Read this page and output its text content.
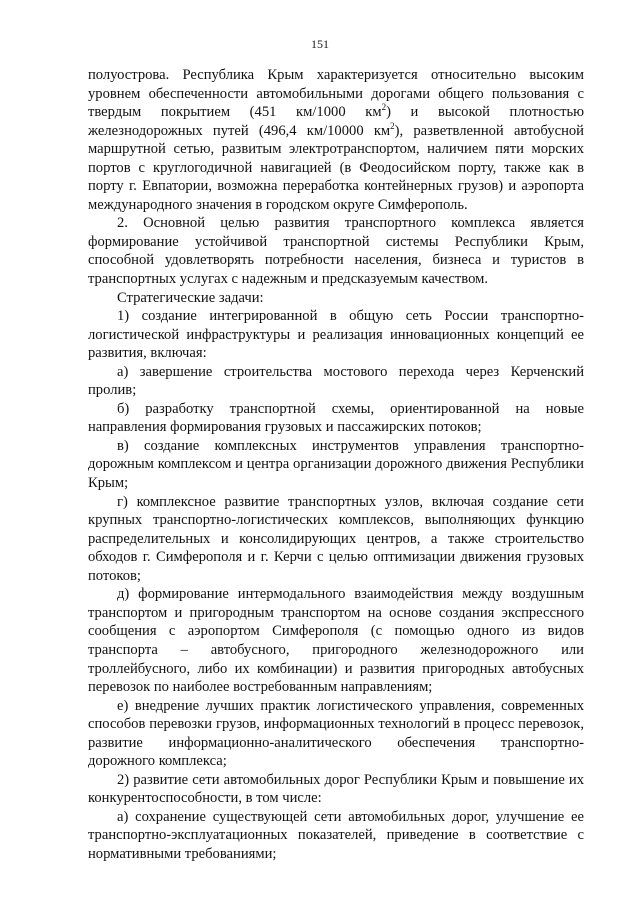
151

полуострова. Республика Крым характеризуется относительно высоким уровнем обеспеченности автомобильными дорогами общего пользования с твердым покрытием (451 км/1000 $км^2$) и высокой плотностью железнодорожных путей (496,4 км/10000 $км^2$), разветвленной автобусной маршрутной сетью, развитым электротранспортом, наличием пяти морских портов с круглогодичной навигацией (в Феодосийском порту, также как в порту г. Евпатории, возможна переработка контейнерных грузов) и аэропорта международного значения в городском округе Симферополь.

2. Основной целью развития транспортного комплекса является формирование устойчивой транспортной системы Республики Крым, способной удовлетворять потребности населения, бизнеса и туристов в транспортных услугах с надежным и предсказуемым качеством.

Стратегические задачи:

1) создание интегрированной в общую сеть России транспортно-логистической инфраструктуры и реализация инновационных концепций ее развития, включая:

а) завершение строительства мостового перехода через Керченский пролив;

б) разработку транспортной схемы, ориентированной на новые направления формирования грузовых и пассажирских потоков;

в) создание комплексных инструментов управления транспортно-дорожным комплексом и центра организации дорожного движения Республики Крым;

г) комплексное развитие транспортных узлов, включая создание сети крупных транспортно-логистических комплексов, выполняющих функцию распределительных и консолидирующих центров, а также строительство обходов г. Симферополя и г. Керчи с целью оптимизации движения грузовых потоков;

д) формирование интермодального взаимодействия между воздушным транспортом и пригородным транспортом на основе создания экспрессного сообщения с аэропортом Симферополя (с помощью одного из видов транспорта – автобусного, пригородного железнодорожного или троллейбусного, либо их комбинации) и развития пригородных автобусных перевозок по наиболее востребованным направлениям;

е) внедрение лучших практик логистического управления, современных способов перевозки грузов, информационных технологий в процесс перевозок, развитие информационно-аналитического обеспечения транспортно-дорожного комплекса;

2) развитие сети автомобильных дорог Республики Крым и повышение их конкурентоспособности, в том числе:

а) сохранение существующей сети автомобильных дорог, улучшение ее транспортно-эксплуатационных показателей, приведение в соответствие с нормативными требованиями;
